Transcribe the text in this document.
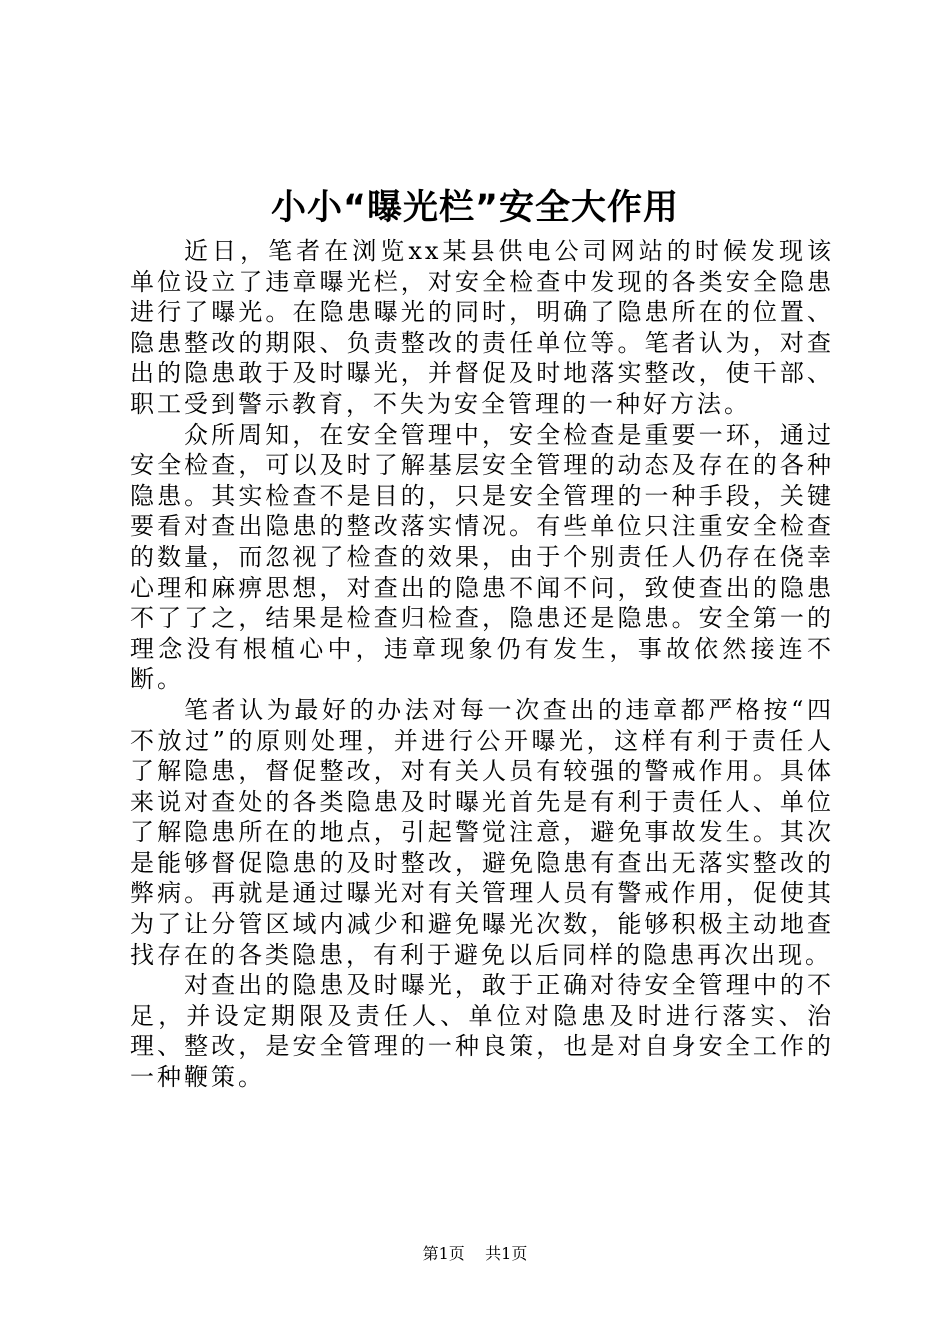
小小“曝光栏”安全大作用

近日，笔者在浏览xx某县供电公司网站的时候发现该单位设立了违章曝光栏，对安全检查中发现的各类安全隐患进行了曝光。在隐患曝光的同时，明确了隐患所在的位置、隐患整改的期限、负责整改的责任单位等。笔者认为，对查出的隐患敢于及时曝光，并督促及时地落实整改，使干部、职工受到警示教育，不失为安全管理的一种好方法。

众所周知，在安全管理中，安全检查是重要一环，通过安全检查，可以及时了解基层安全管理的动态及存在的各种隐患。其实检查不是目的，只是安全管理的一种手段，关键要看对查出隐患的整改落实情况。有些单位只注重安全检查的数量，而忽视了检查的效果，由于个别责任人仍存在侥幸心理和麻痹思想，对查出的隐患不闻不问，致使查出的隐患不了了之，结果是检查归检查，隐患还是隐患。安全第一的理念没有根植心中，违章现象仍有发生，事故依然接连不断。

笔者认为最好的办法对每一次查出的违章都严格按“四不放过”的原则处理，并进行公开曝光，这样有利于责任人了解隐患，督促整改，对有关人员有较强的警戒作用。具体来说对查处的各类隐患及时曝光首先是有利于责任人、单位了解隐患所在的地点，引起警觉注意，避免事故发生。其次是能够督促隐患的及时整改，避免隐患有查出无落实整改的弊病。再就是通过曝光对有关管理人员有警戒作用，促使其为了让分管区域内减少和避免曝光次数，能够积极主动地查找存在的各类隐患，有利于避免以后同样的隐患再次出现。

对查出的隐患及时曝光，敢于正确对待安全管理中的不足，并设定期限及责任人、单位对隐患及时进行落实、治理、整改，是安全管理的一种良策，也是对自身安全工作的一种鞭策。

第1页 共1页
